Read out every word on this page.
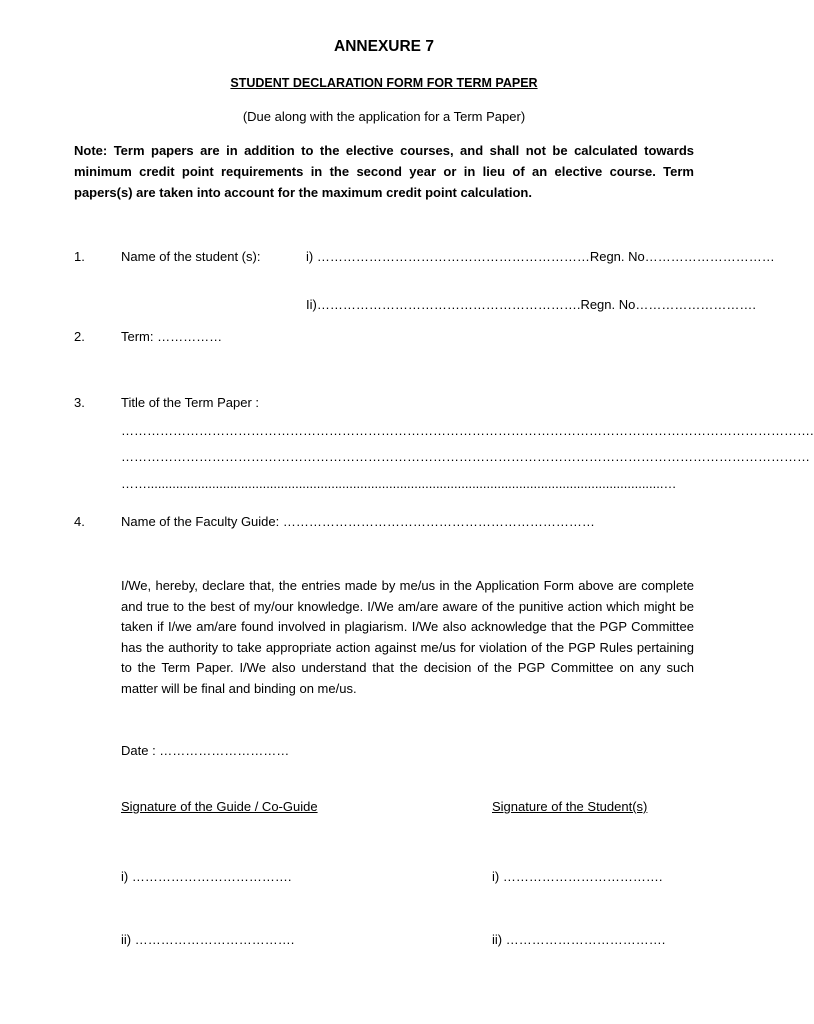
ANNEXURE 7
STUDENT DECLARATION FORM FOR TERM PAPER
(Due along with the application for a Term Paper)
Note: Term papers are in addition to the elective courses, and shall not be calculated towards minimum credit point requirements in the second year or in lieu of an elective course. Term papers(s) are taken into account for the maximum credit point calculation.
1.	Name of the student (s):	i) ………………………………………………………Regn. No…………………………
Ii)…………………………………………………….Regn. No……………………….
2.	Term: ……………
3.	Title of the Term Paper :
…………………………………………………………………………………………………………………………………………….
……………………………………………………………………………………………………………………………………………
……...............................................................................................................................................…
4.	Name of the Faculty Guide: ………………………………………………………………
I/We, hereby, declare that, the entries made by me/us in the Application Form above are complete and true to the best of my/our knowledge. I/We am/are aware of the punitive action which might be taken if I/we am/are found involved in plagiarism. I/We also acknowledge that the PGP Committee has the authority to take appropriate action against me/us for violation of the PGP Rules pertaining to the Term Paper. I/We also understand that the decision of the PGP Committee on any such matter will be final and binding on me/us.
Date : …………………………
Signature of the Guide / Co-Guide	Signature of the Student(s)
i) ……………………………….	i) ……………………………….
ii) ……………………………….	ii) ……………………………….
